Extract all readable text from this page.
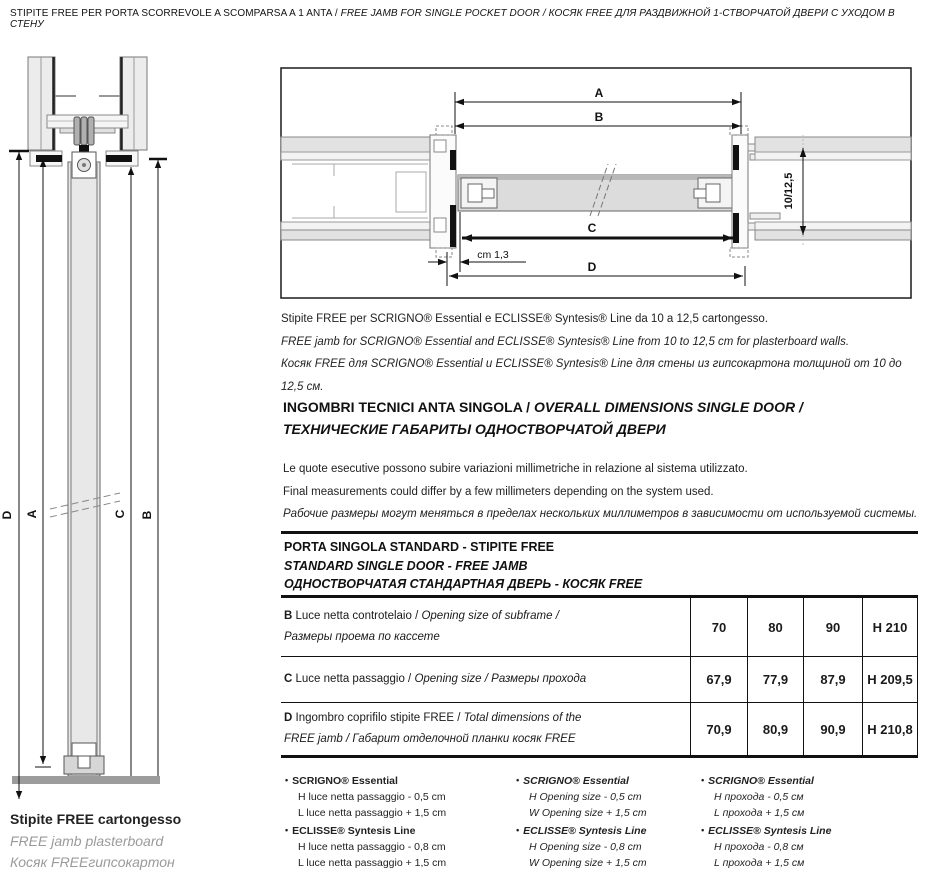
STIPITE FREE PER PORTA SCORREVOLE A SCOMPARSA A 1 ANTA / FREE JAMB FOR SINGLE POCKET DOOR / КОСЯК FREE ДЛЯ РАЗДВИЖНОЙ 1-СТВОРЧАТОЙ ДВЕРИ С УХОДОМ В СТЕНУ
D A	C B
A
B
C
D
cm 1,3
10/12,5
Stipite FREE per SCRIGNO® Essential e ECLISSE® Syntesis® Line da 10 a 12,5 cartongesso.
FREE jamb for SCRIGNO® Essential and ECLISSE® Syntesis® Line from 10 to 12,5 cm for plasterboard walls.
Косяк FREE для SCRIGNO® Essential и ECLISSE® Syntesis® Line для стены из гипсокартона толщиной от 10 до 12,5 см.
INGOMBRI TECNICI ANTA SINGOLA / OVERALL DIMENSIONS SINGLE DOOR /
ТЕХНИЧЕСКИЕ ГАБАРИТЫ ОДНОСТВОРЧАТОЙ ДВЕРИ
Le quote esecutive possono subire variazioni millimetriche in relazione al sistema utilizzato.
Final measurements could differ by a few millimeters depending on the system used.
Рабочие размеры могут меняться в пределах нескольких миллиметров в зависимости от используемой системы.
PORTA SINGOLA STANDARD - STIPITE FREE
STANDARD SINGLE DOOR - FREE JAMB
ОДНОСТВОРЧАТАЯ СТАНДАРТНАЯ ДВЕРЬ - КОСЯК FREE
B Luce netta controtelaio / Opening size of subframe /
Размеры проема по кассете
70	80	90	H 210
C Luce netta passaggio / Opening size / Размеры прохода	67,9	77,9	87,9	H 209,5
D Ingombro coprifilo stipite FREE / Total dimensions of the
FREE jamb / Габарит отделочной планки косяк FREE
70,9	80,9	90,9	H 210,8
• SCRIGNO® Essential
H luce netta passaggio - 0,5 cm
L luce netta passaggio + 1,5 cm
• ECLISSE® Syntesis Line
H luce netta passaggio - 0,8 cm
L luce netta passaggio + 1,5 cm
• SCRIGNO® Essential
H Opening size - 0,5 cm
W Opening size + 1,5 cm
• ECLISSE® Syntesis Line
H Opening size - 0,8 cm
W Opening size + 1,5 cm
• SCRIGNO® Essential
H прохода - 0,5 см
L прохода + 1,5 см
• ECLISSE® Syntesis Line
H прохода - 0,8 см
L прохода + 1,5 см
Stipite FREE cartongesso
FREE jamb plasterboard
Косяк FREEгипсокартон
